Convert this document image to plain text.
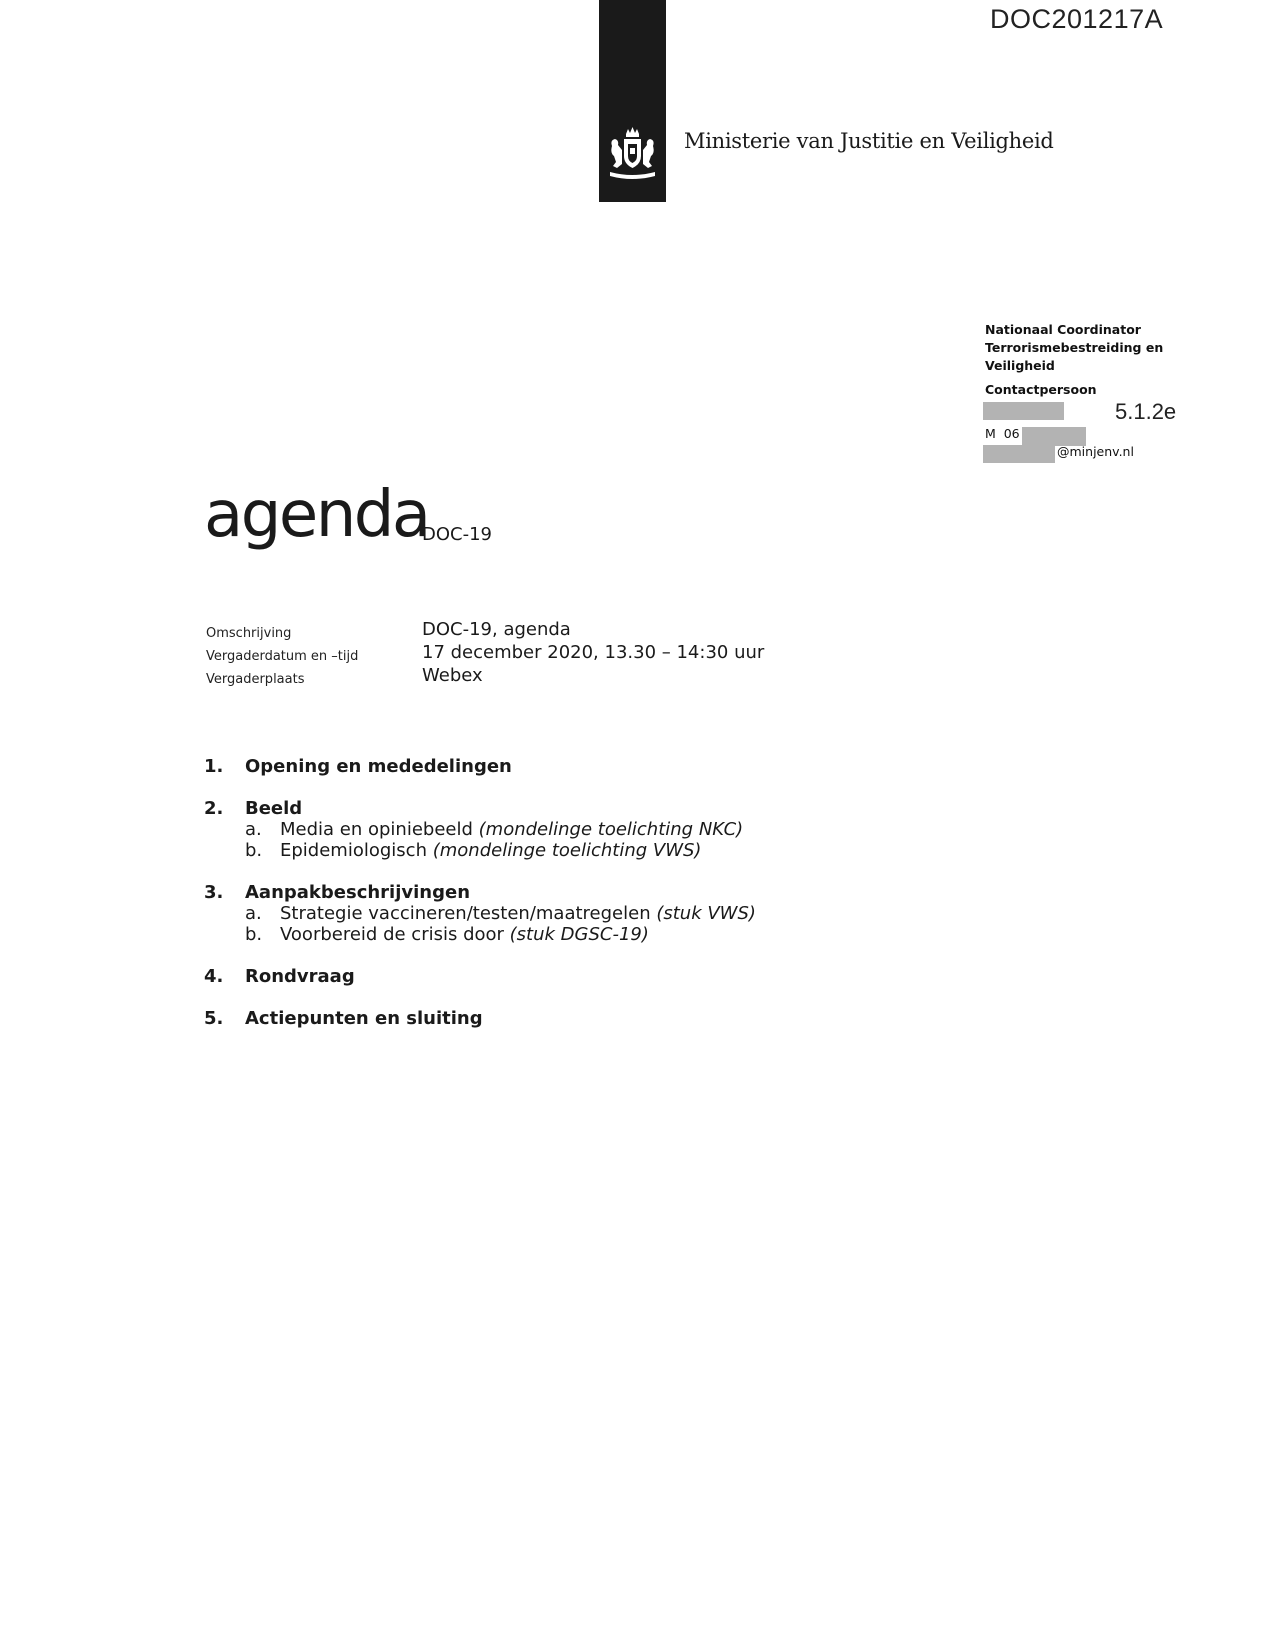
DOC201217A
Ministerie van Justitie en Veiligheid
Nationaal Coordinator Terrorismebestreiding en Veiligheid
Contactpersoon
5.1.2e
M  06
@minjenv.nl
agenda
DOC-19
Omschrijving	DOC-19, agenda
Vergaderdatum en –tijd	17 december 2020, 13.30 – 14:30 uur
Vergaderplaats	Webex
1. Opening en mededelingen
2. Beeld
a. Media en opiniebeeld (mondelinge toelichting NKC)
b. Epidemiologisch (mondelinge toelichting VWS)
3. Aanpakbeschrijvingen
a. Strategie vaccineren/testen/maatregelen (stuk VWS)
b. Voorbereid de crisis door (stuk DGSC-19)
4. Rondvraag
5. Actiepunten en sluiting
